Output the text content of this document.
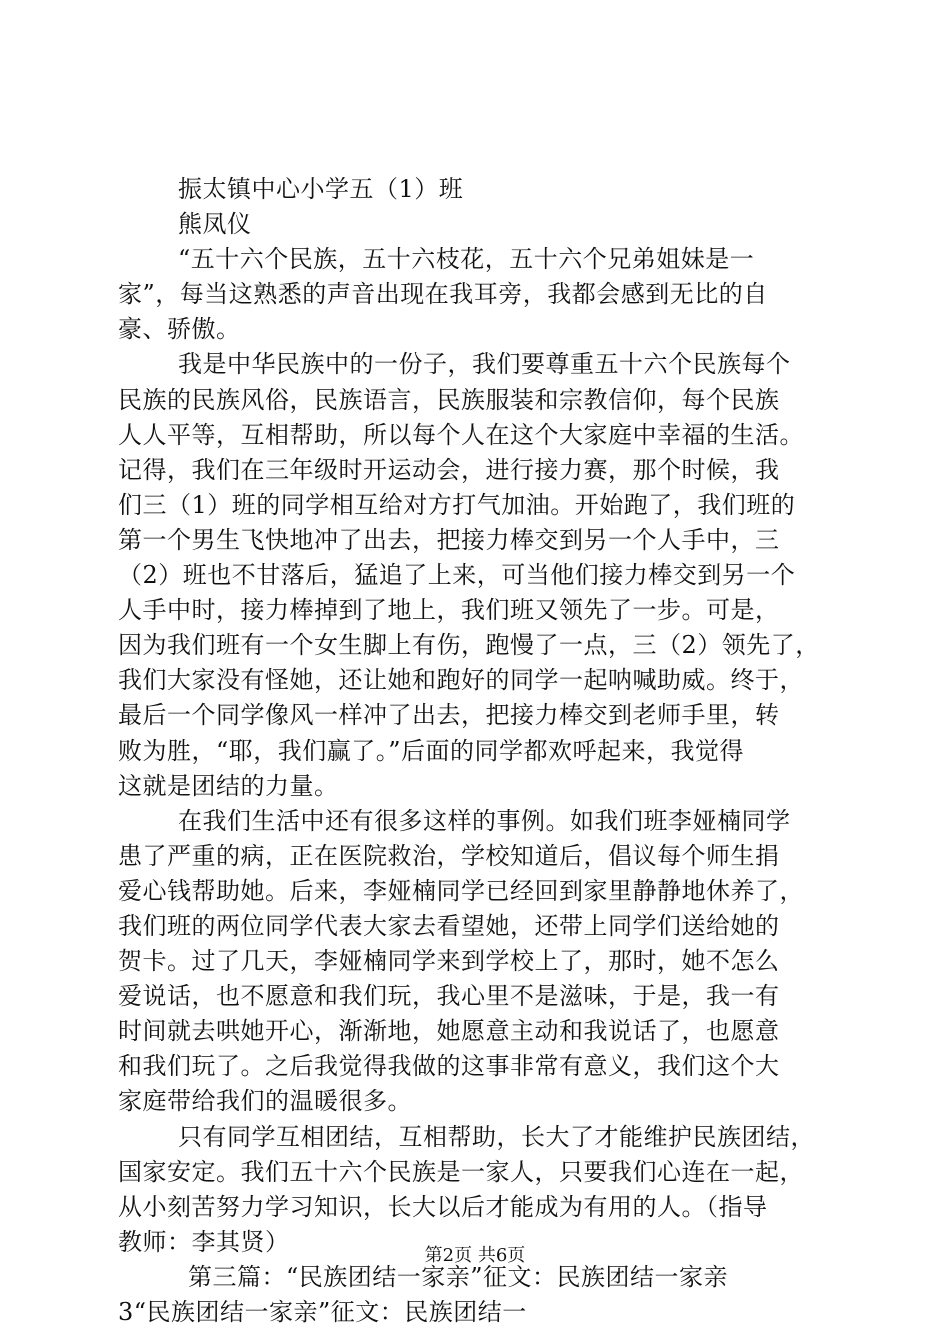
振太镇中心小学五（1）班
熊凤仪
“五十六个民族，五十六枝花，五十六个兄弟姐妹是一
家”，每当这熟悉的声音出现在我耳旁，我都会感到无比的自
豪、骄傲。
我是中华民族中的一份子，我们要尊重五十六个民族每个
民族的民族风俗，民族语言，民族服装和宗教信仰，每个民族
人人平等，互相帮助，所以每个人在这个大家庭中幸福的生活。
记得，我们在三年级时开运动会，进行接力赛，那个时候，我
们三（1）班的同学相互给对方打气加油。开始跑了，我们班的
第一个男生飞快地冲了出去，把接力棒交到另一个人手中，三
（2）班也不甘落后，猛追了上来，可当他们接力棒交到另一个
人手中时，接力棒掉到了地上，我们班又领先了一步。可是，
因为我们班有一个女生脚上有伤，跑慢了一点，三（2）领先了，
我们大家没有怪她，还让她和跑好的同学一起呐喊助威。终于，
最后一个同学像风一样冲了出去，把接力棒交到老师手里，转
败为胜，“耶，我们赢了。”后面的同学都欢呼起来，我觉得
这就是团结的力量。
在我们生活中还有很多这样的事例。如我们班李娅楠同学
患了严重的病，正在医院救治，学校知道后，倡议每个师生捐
爱心钱帮助她。后来，李娅楠同学已经回到家里静静地休养了，
我们班的两位同学代表大家去看望她，还带上同学们送给她的
贺卡。过了几天，李娅楠同学来到学校上了，那时，她不怎么
爱说话，也不愿意和我们玩，我心里不是滋味，于是，我一有
时间就去哄她开心，渐渐地，她愿意主动和我说话了，也愿意
和我们玩了。之后我觉得我做的这事非常有意义，我们这个大
家庭带给我们的温暖很多。
只有同学互相团结，互相帮助，长大了才能维护民族团结，
国家安定。我们五十六个民族是一家人，只要我们心连在一起，
从小刻苦努力学习知识，长大以后才能成为有用的人。（指导
教师：李其贤）
第三篇：“民族团结一家亲”征文：民族团结一家亲
3“民族团结一家亲”征文：民族团结一
第2页 共6页
